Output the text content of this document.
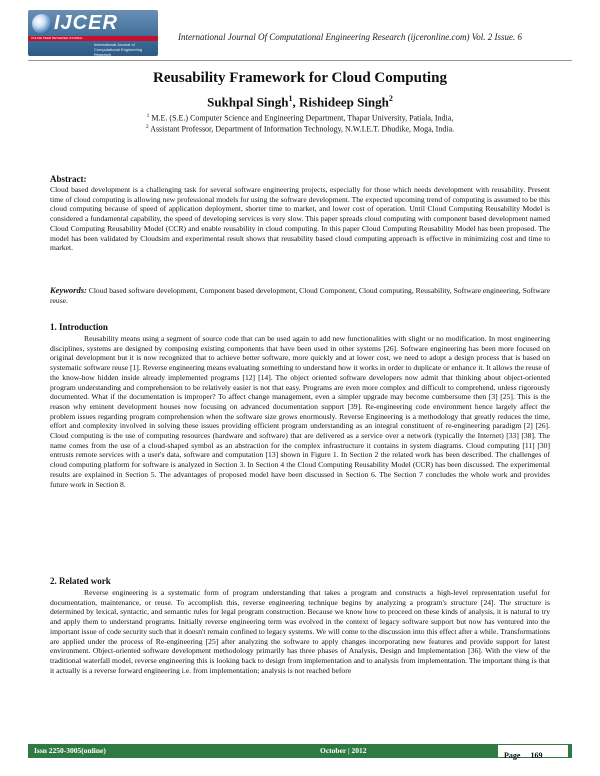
IJCER
ONLINE PEER REVIEWED JOURNAL
International Journal of Computational Engineering Research
International Journal Of Computational Engineering Research (ijceronline.com) Vol. 2 Issue. 6
Reusability Framework for Cloud Computing
Sukhpal Singh$^1$, Rishideep Singh$^2$
$^1$ M.E. (S.E.) Computer Science and Engineering Department, Thapar University, Patiala, India,
$^2$ Assistant Professor, Department of Information Technology, N.W.I.E.T. Dhudike, Moga, India.
Abstract:
Cloud based development is a challenging task for several software engineering projects, especially for those which needs development with reusability. Present time of cloud computing is allowing new professional models for using the software development. The expected upcoming trend of computing is assumed to be this cloud computing because of speed of application deployment, shorter time to market, and lower cost of operation. Until Cloud Computing Reusability Model is considered a fundamental capability, the speed of developing services is very slow. This paper spreads cloud computing with component based development named Cloud Computing Reusability Model (CCR) and enable reusability in cloud computing. In this paper Cloud Computing Reusability Model has been proposed. The model has been validated by Cloudsim and experimental result shows that reusability based cloud computing approach is effective in minimizing cost and time to market.
Keywords: Cloud based software development, Component based development, Cloud Component, Cloud computing, Reusability, Software engineering, Software reuse.
1. Introduction
Reusability means using a segment of source code that can be used again to add new functionalities with slight or no modification. In most engineering disciplines, systems are designed by composing existing components that have been used in other systems [26]. Software engineering has been more focused on original development but it is now recognized that to achieve better software, more quickly and at lower cost, we need to adopt a design process that is based on systematic software reuse [1]. Reverse engineering means evaluating something to understand how it works in order to duplicate or enhance it. It allows the reuse of the know-how hidden inside already implemented programs [12] [14]. The object oriented software developers now admit that thinking about object-oriented program understanding and comprehension to be relatively easier is not that easy. Programs are even more complex and difficult to comprehend, unless rigorously documented. What if the documentation is improper? To affect change management, even a simpler upgrade may become cumbersome then [3] [25]. This is the reason why eminent development houses now focusing on advanced documentation support [39]. Re-engineering code environment hence largely affect the problem issues regarding program comprehension when the software size grows enormously. Reverse Engineering is a methodology that greatly reduces the time, effort and complexity involved in solving these issues providing efficient program understanding as an integral constituent of re-engineering paradigm [2] [26]. Cloud computing is the use of computing resources (hardware and software) that are delivered as a service over a network (typically the Internet) [33] [38]. The name comes from the use of a cloud-shaped symbol as an abstraction for the complex infrastructure it contains in system diagrams. Cloud computing [11] [30] entrusts remote services with a user's data, software and computation [13] shown in Figure 1. In Section 2 the related work has been described. The challenges of cloud computing platform for software is analyzed in Section 3. In Section 4 the Cloud Computing Reusability Model (CCR) has been discussed. The experimental results are explained in Section 5. The advantages of proposed model have been discussed in Section 6. The Section 7 concludes the whole work and provides future work in Section 8.
2. Related work
Reverse engineering is a systematic form of program understanding that takes a program and constructs a high-level representation useful for documentation, maintenance, or reuse. To accomplish this, reverse engineering technique begins by analyzing a program's structure [24]. The structure is determined by lexical, syntactic, and semantic rules for legal program construction. Because we know how to proceed on these kinds of analysis, it is natural to try and apply them to understand programs. Initially reverse engineering term was evolved in the context of legacy software support but now has ventured into the important issue of code security such that it doesn't remain confined to legacy systems. We will come to the discussion into this effect after a while. Transformations are applied under the process of Re-engineering [25] after analyzing the software to apply changes incorporating new features and provide support for latest environment. Object-oriented software development methodology primarily has three phases of Analysis, Design and Implementation [36]. With the view of the traditional waterfall model, reverse engineering this is looking back to design from implementation and to analysis from implementation. The important thing is that it actually is a reverse forward engineering i.e. from implementation; analysis is not reached before
Issn 2250-3005(online)	October | 2012
Page 169
